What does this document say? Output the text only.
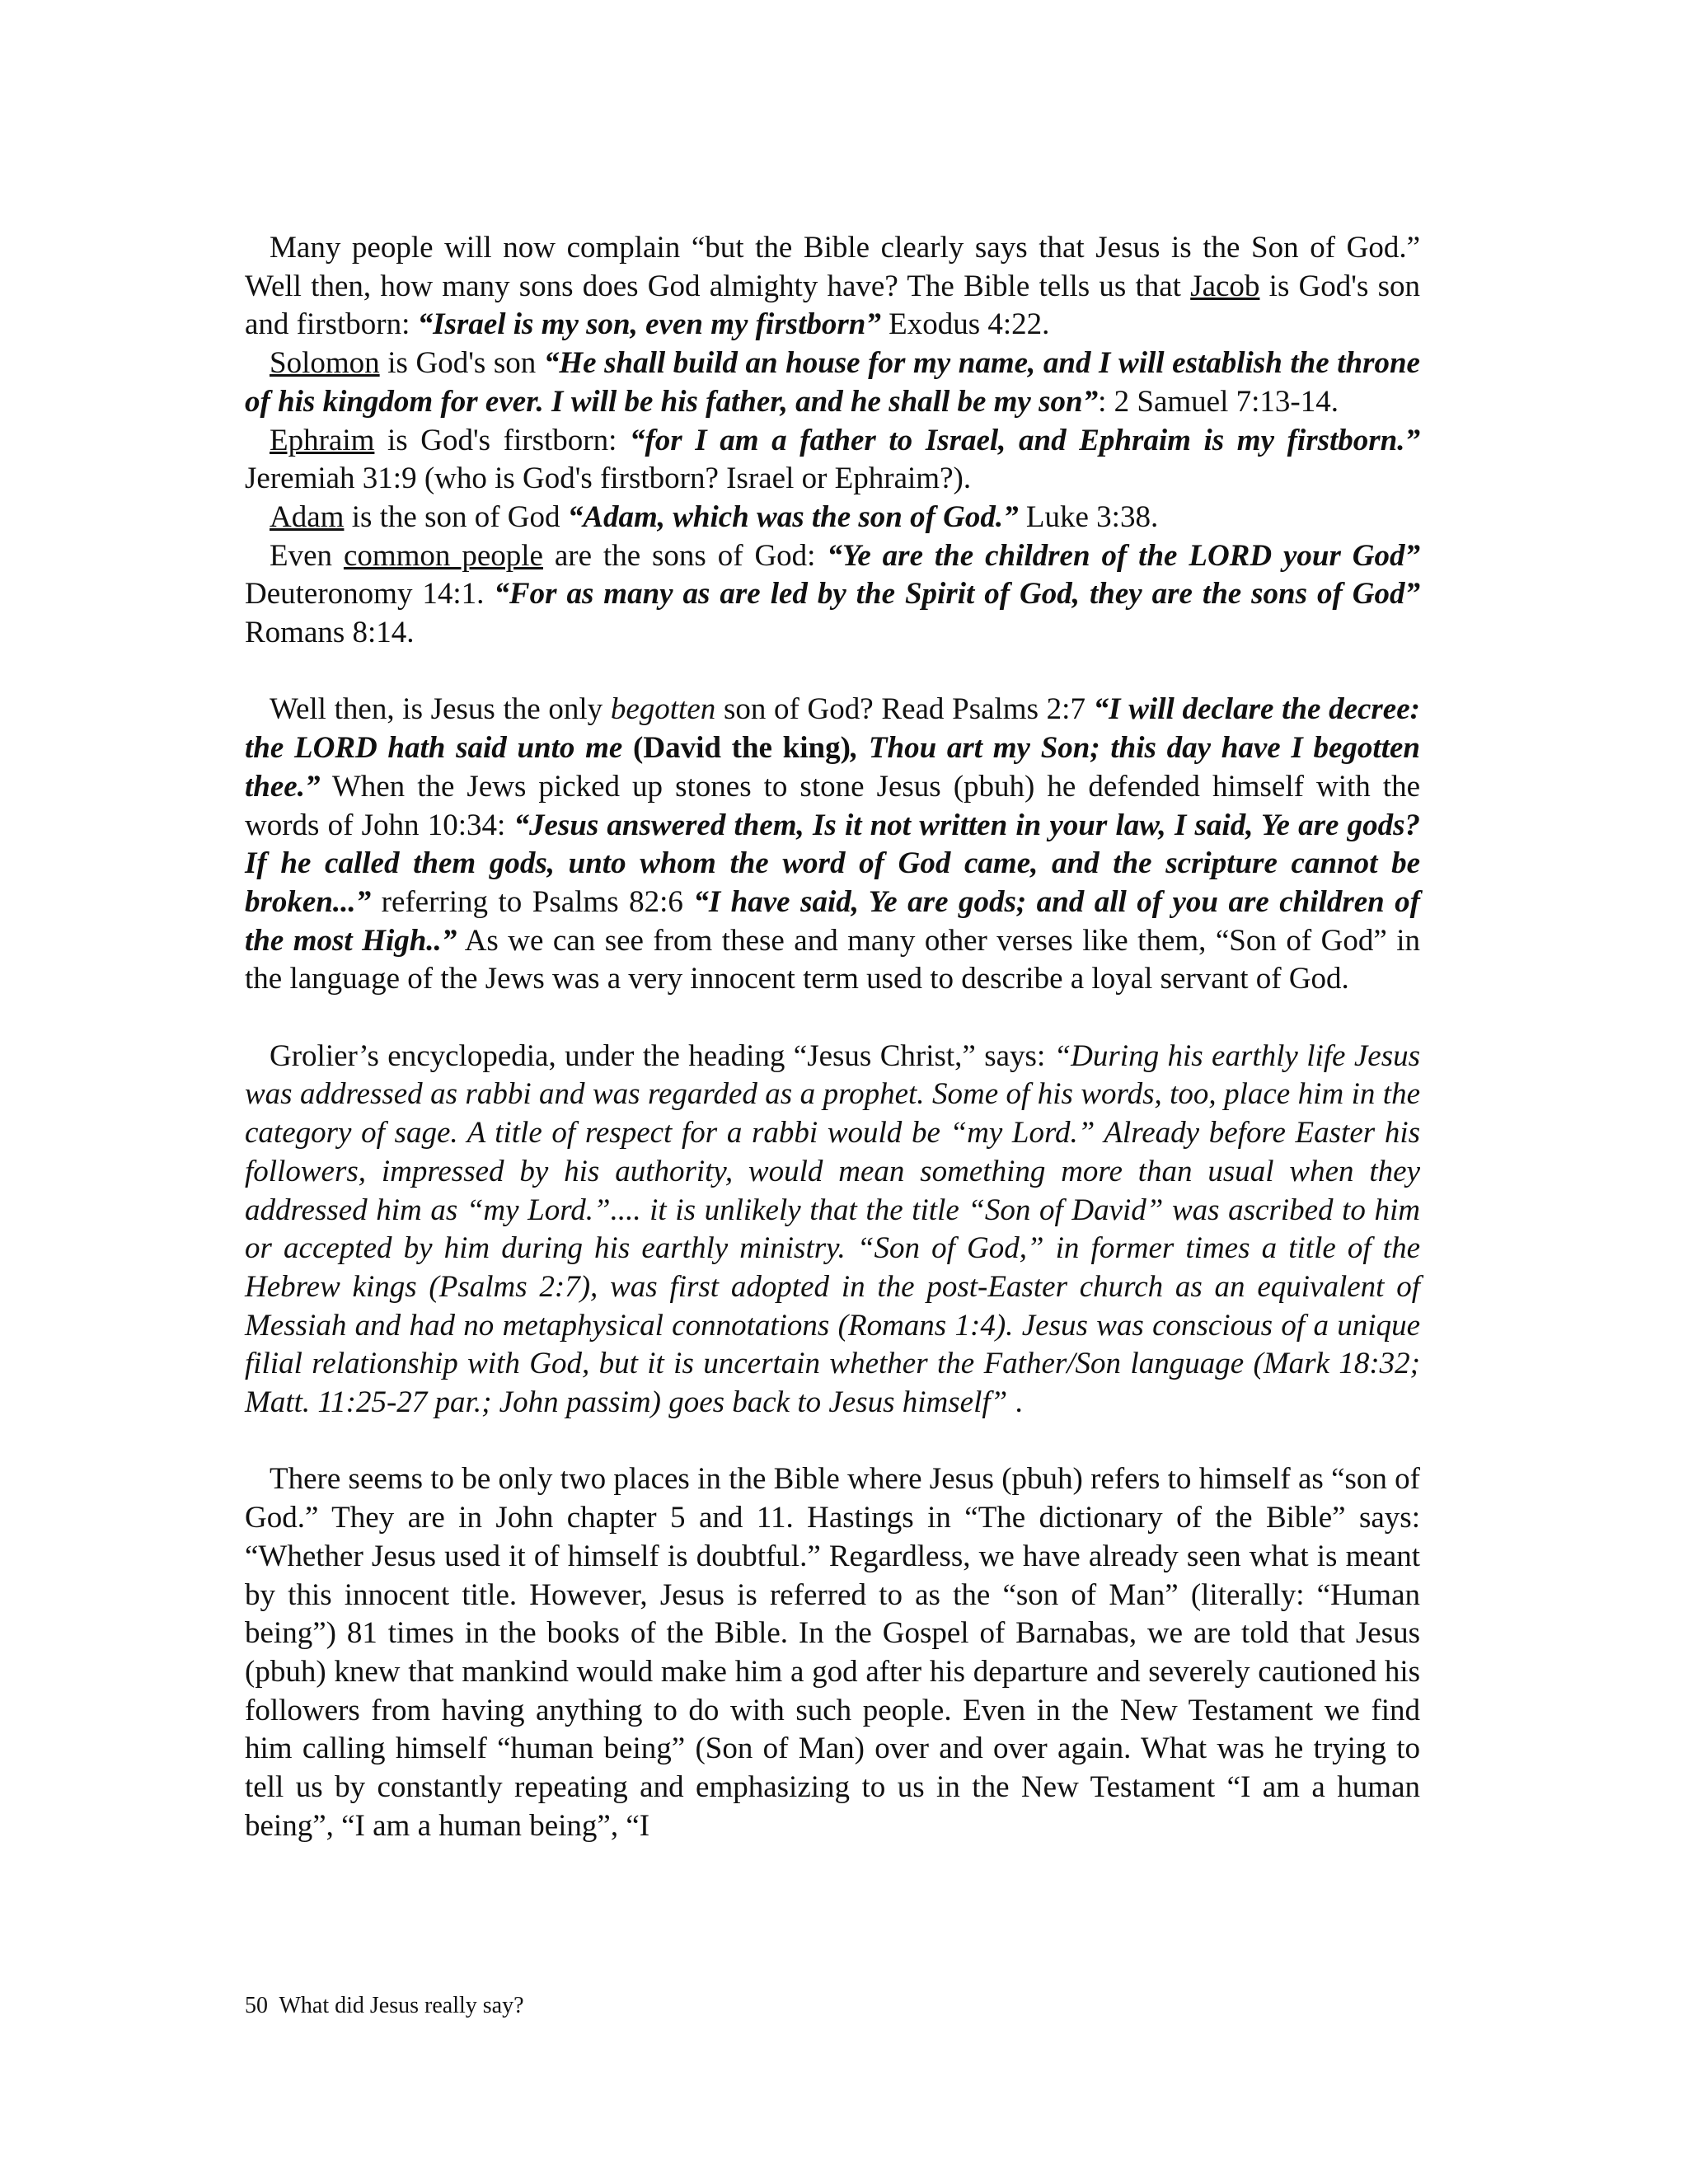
Many people will now complain “but the Bible clearly says that Jesus is the Son of God.” Well then, how many sons does God almighty have? The Bible tells us that Jacob is God's son and firstborn: “Israel is my son, even my firstborn” Exodus 4:22.

Solomon is God's son “He shall build an house for my name, and I will establish the throne of his kingdom for ever. I will be his father, and he shall be my son”: 2 Samuel 7:13-14.

Ephraim is God's firstborn: “for I am a father to Israel, and Ephraim is my firstborn.” Jeremiah 31:9 (who is God's firstborn? Israel or Ephraim?).

Adam is the son of God “Adam, which was the son of God.” Luke 3:38.

Even common people are the sons of God: “Ye are the children of the LORD your God” Deuteronomy 14:1. “For as many as are led by the Spirit of God, they are the sons of God” Romans 8:14.

Well then, is Jesus the only begotten son of God? Read Psalms 2:7 “I will declare the decree: the LORD hath said unto me (David the king), Thou art my Son; this day have I begotten thee.” When the Jews picked up stones to stone Jesus (pbuh) he defended himself with the words of John 10:34: “Jesus answered them, Is it not written in your law, I said, Ye are gods? If he called them gods, unto whom the word of God came, and the scripture cannot be broken...” referring to Psalms 82:6 “I have said, Ye are gods; and all of you are children of the most High..” As we can see from these and many other verses like them, “Son of God” in the language of the Jews was a very innocent term used to describe a loyal servant of God.

Grolier’s encyclopedia, under the heading “Jesus Christ,” says: “During his earthly life Jesus was addressed as rabbi and was regarded as a prophet. Some of his words, too, place him in the category of sage. A title of respect for a rabbi would be “my Lord.” Already before Easter his followers, impressed by his authority, would mean something more than usual when they addressed him as “my Lord.”.... it is unlikely that the title “Son of David” was ascribed to him or accepted by him during his earthly ministry. “Son of God,” in former times a title of the Hebrew kings (Psalms 2:7), was first adopted in the post-Easter church as an equivalent of Messiah and had no metaphysical connotations (Romans 1:4). Jesus was conscious of a unique filial relationship with God, but it is uncertain whether the Father/Son language (Mark 18:32; Matt. 11:25-27 par.; John passim) goes back to Jesus himself” .

There seems to be only two places in the Bible where Jesus (pbuh) refers to himself as “son of God.” They are in John chapter 5 and 11. Hastings in “The dictionary of the Bible” says: “Whether Jesus used it of himself is doubtful.” Regardless, we have already seen what is meant by this innocent title. However, Jesus is referred to as the “son of Man” (literally: “Human being”) 81 times in the books of the Bible. In the Gospel of Barnabas, we are told that Jesus (pbuh) knew that mankind would make him a god after his departure and severely cautioned his followers from having anything to do with such people. Even in the New Testament we find him calling himself “human being” (Son of Man) over and over again. What was he trying to tell us by constantly repeating and emphasizing to us in the New Testament “I am a human being”, “I am a human being”, “I

50 What did Jesus really say?
